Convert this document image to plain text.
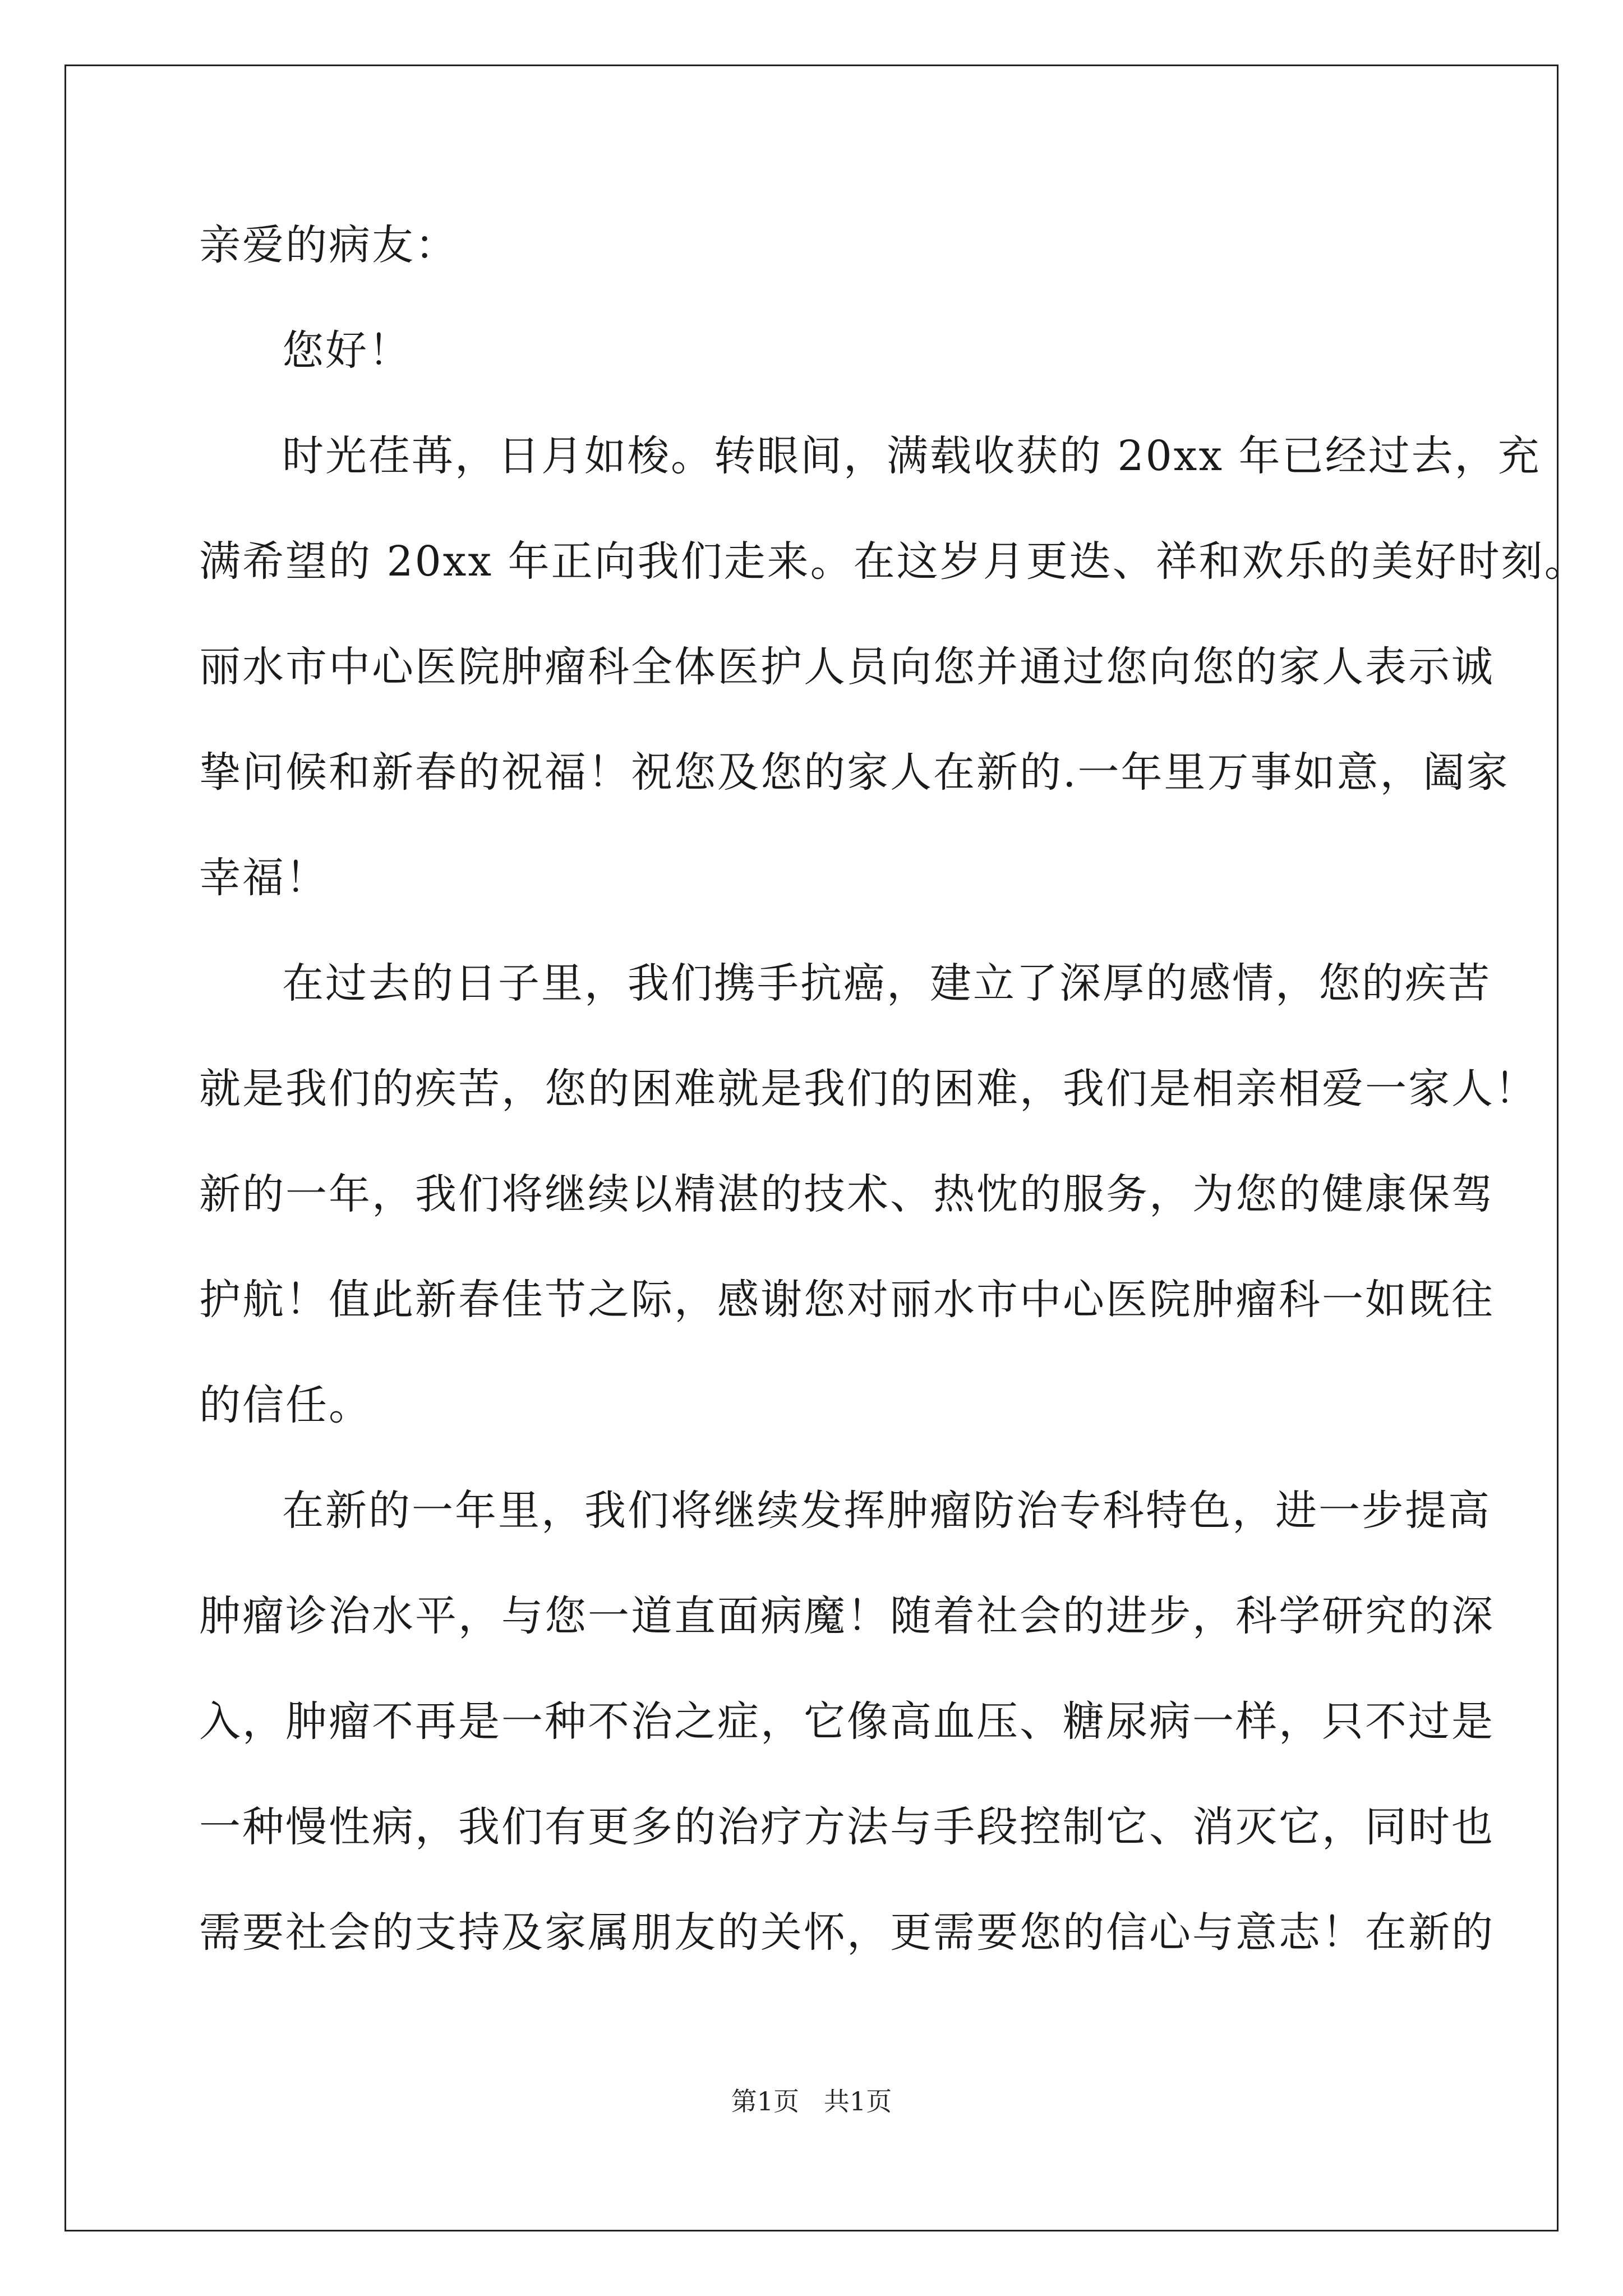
亲爱的病友：
您好！
时光荏苒，日月如梭。转眼间，满载收获的 20xx 年已经过去，充
满希望的 20xx 年正向我们走来。在这岁月更迭、祥和欢乐的美好时刻。
丽水市中心医院肿瘤科全体医护人员向您并通过您向您的家人表示诚
挚问候和新春的祝福！祝您及您的家人在新的.一年里万事如意，阖家
幸福！
在过去的日子里，我们携手抗癌，建立了深厚的感情，您的疾苦
就是我们的疾苦，您的困难就是我们的困难，我们是相亲相爱一家人！
新的一年，我们将继续以精湛的技术、热忱的服务，为您的健康保驾
护航！值此新春佳节之际，感谢您对丽水市中心医院肿瘤科一如既往
的信任。
在新的一年里，我们将继续发挥肿瘤防治专科特色，进一步提高
肿瘤诊治水平，与您一道直面病魔！随着社会的进步，科学研究的深
入，肿瘤不再是一种不治之症，它像高血压、糖尿病一样，只不过是
一种慢性病，我们有更多的治疗方法与手段控制它、消灭它，同时也
需要社会的支持及家属朋友的关怀，更需要您的信心与意志！在新的
第1页   共1页
